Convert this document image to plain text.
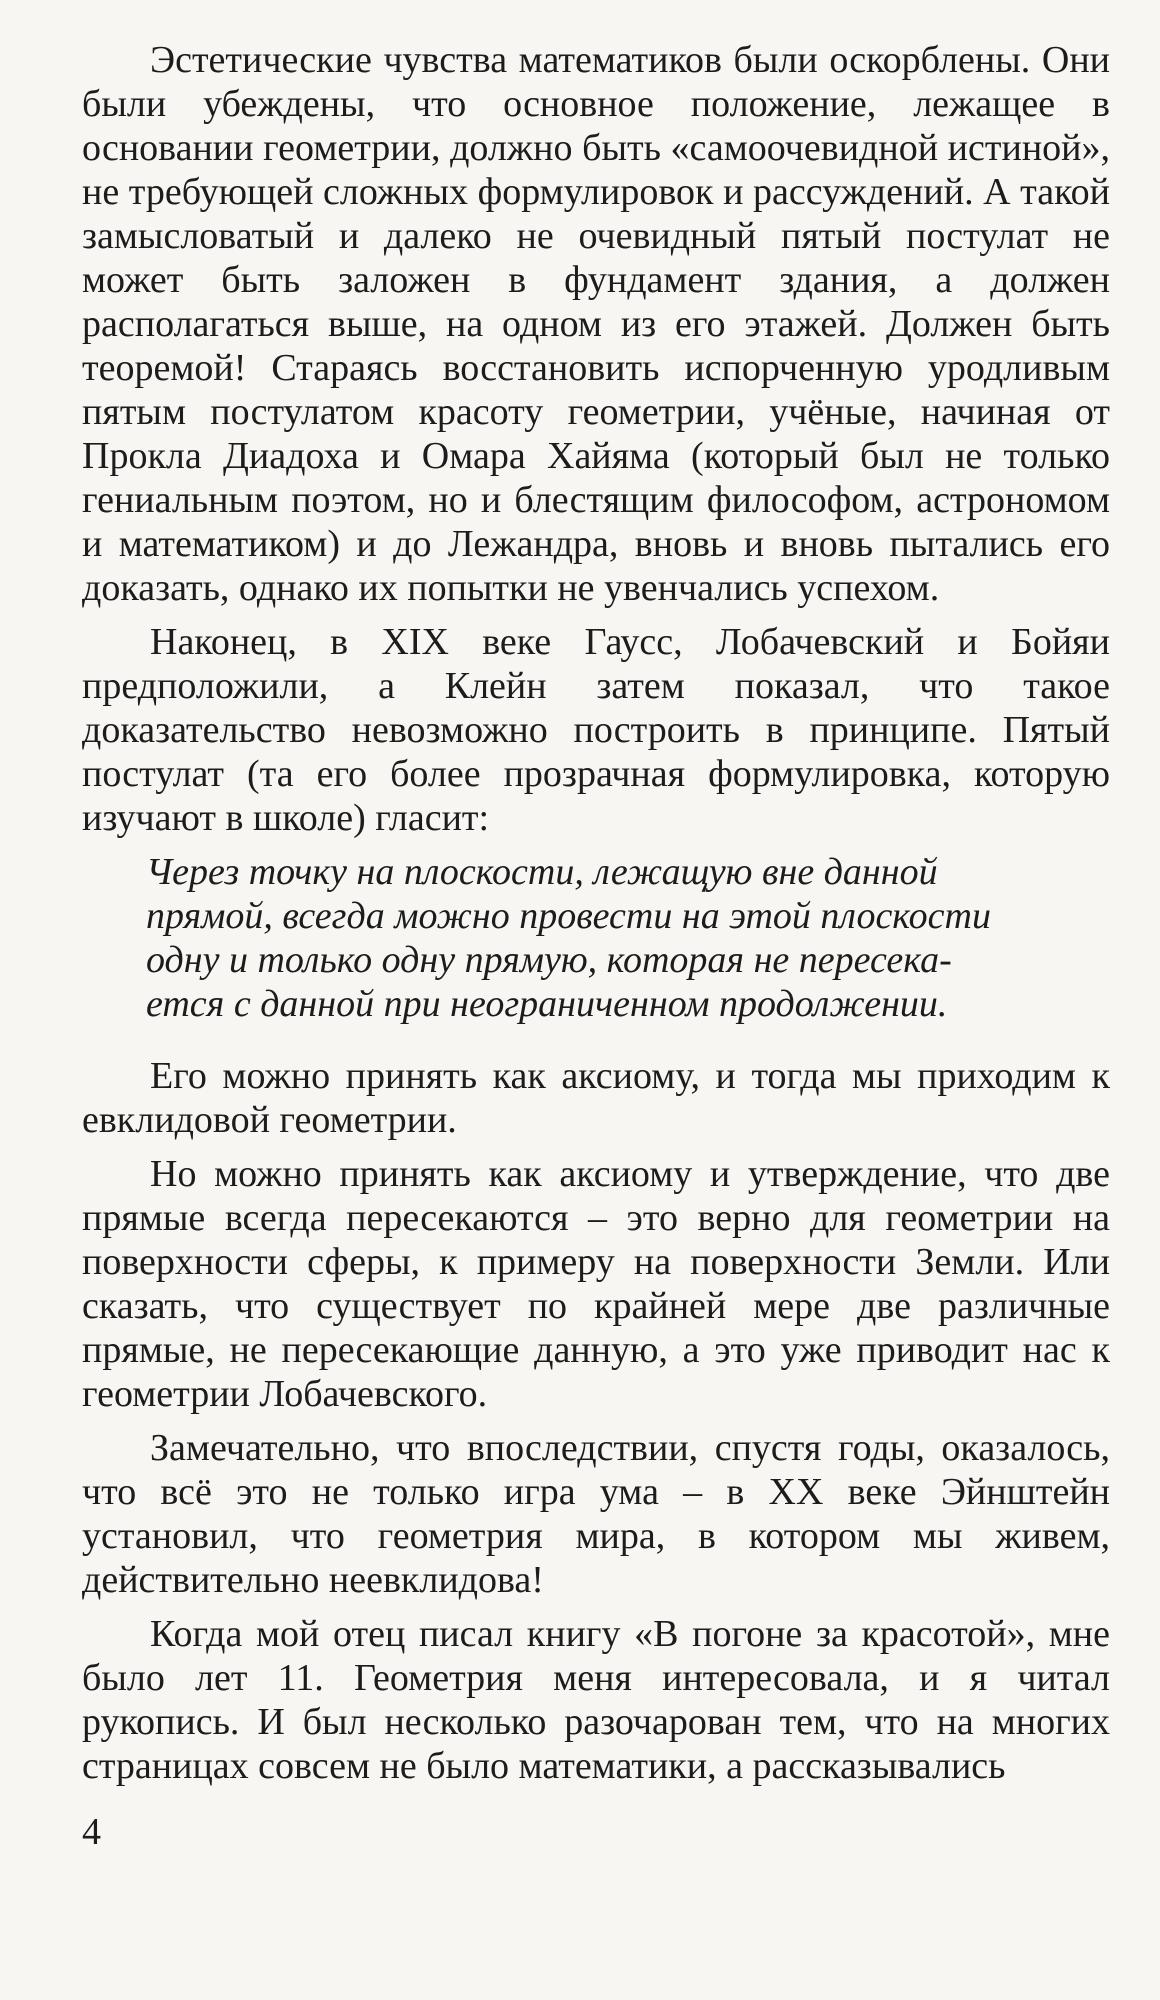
Эстетические чувства математиков были оскорблены. Они были убеждены, что основное положение, лежащее в основании геометрии, должно быть «самоочевидной истиной», не требующей сложных формулировок и рассуждений. А такой замысловатый и далеко не очевидный пятый постулат не может быть заложен в фундамент здания, а должен располагаться выше, на одном из его этажей. Должен быть теоремой! Стараясь восстановить испорченную уродливым пятым постулатом красоту геометрии, учёные, начиная от Прокла Диадоха и Омара Хайяма (который был не только гениальным поэтом, но и блестящим философом, астрономом и математиком) и до Лежандра, вновь и вновь пытались его доказать, однако их попытки не увенчались успехом.

Наконец, в XIX веке Гаусс, Лобачевский и Бойяи предположили, а Клейн затем показал, что такое доказательство невозможно построить в принципе. Пятый постулат (та его более прозрачная формулировка, которую изучают в школе) гласит:

Через точку на плоскости, лежащую вне данной
прямой, всегда можно провести на этой плоскости
одну и только одну прямую, которая не пересека-
ется с данной при неограниченном продолжении.

Его можно принять как аксиому, и тогда мы приходим к евклидовой геометрии.

Но можно принять как аксиому и утверждение, что две прямые всегда пересекаются – это верно для геометрии на поверхности сферы, к примеру на поверхности Земли. Или сказать, что существует по крайней мере две различные прямые, не пересекающие данную, а это уже приводит нас к геометрии Лобачевского.

Замечательно, что впоследствии, спустя годы, оказалось, что всё это не только игра ума – в XX веке Эйнштейн установил, что геометрия мира, в котором мы живем, действительно неевклидова!

Когда мой отец писал книгу «В погоне за красотой», мне было лет 11. Геометрия меня интересовала, и я читал рукопись. И был несколько разочарован тем, что на многих страницах совсем не было математики, а рассказывались

4
